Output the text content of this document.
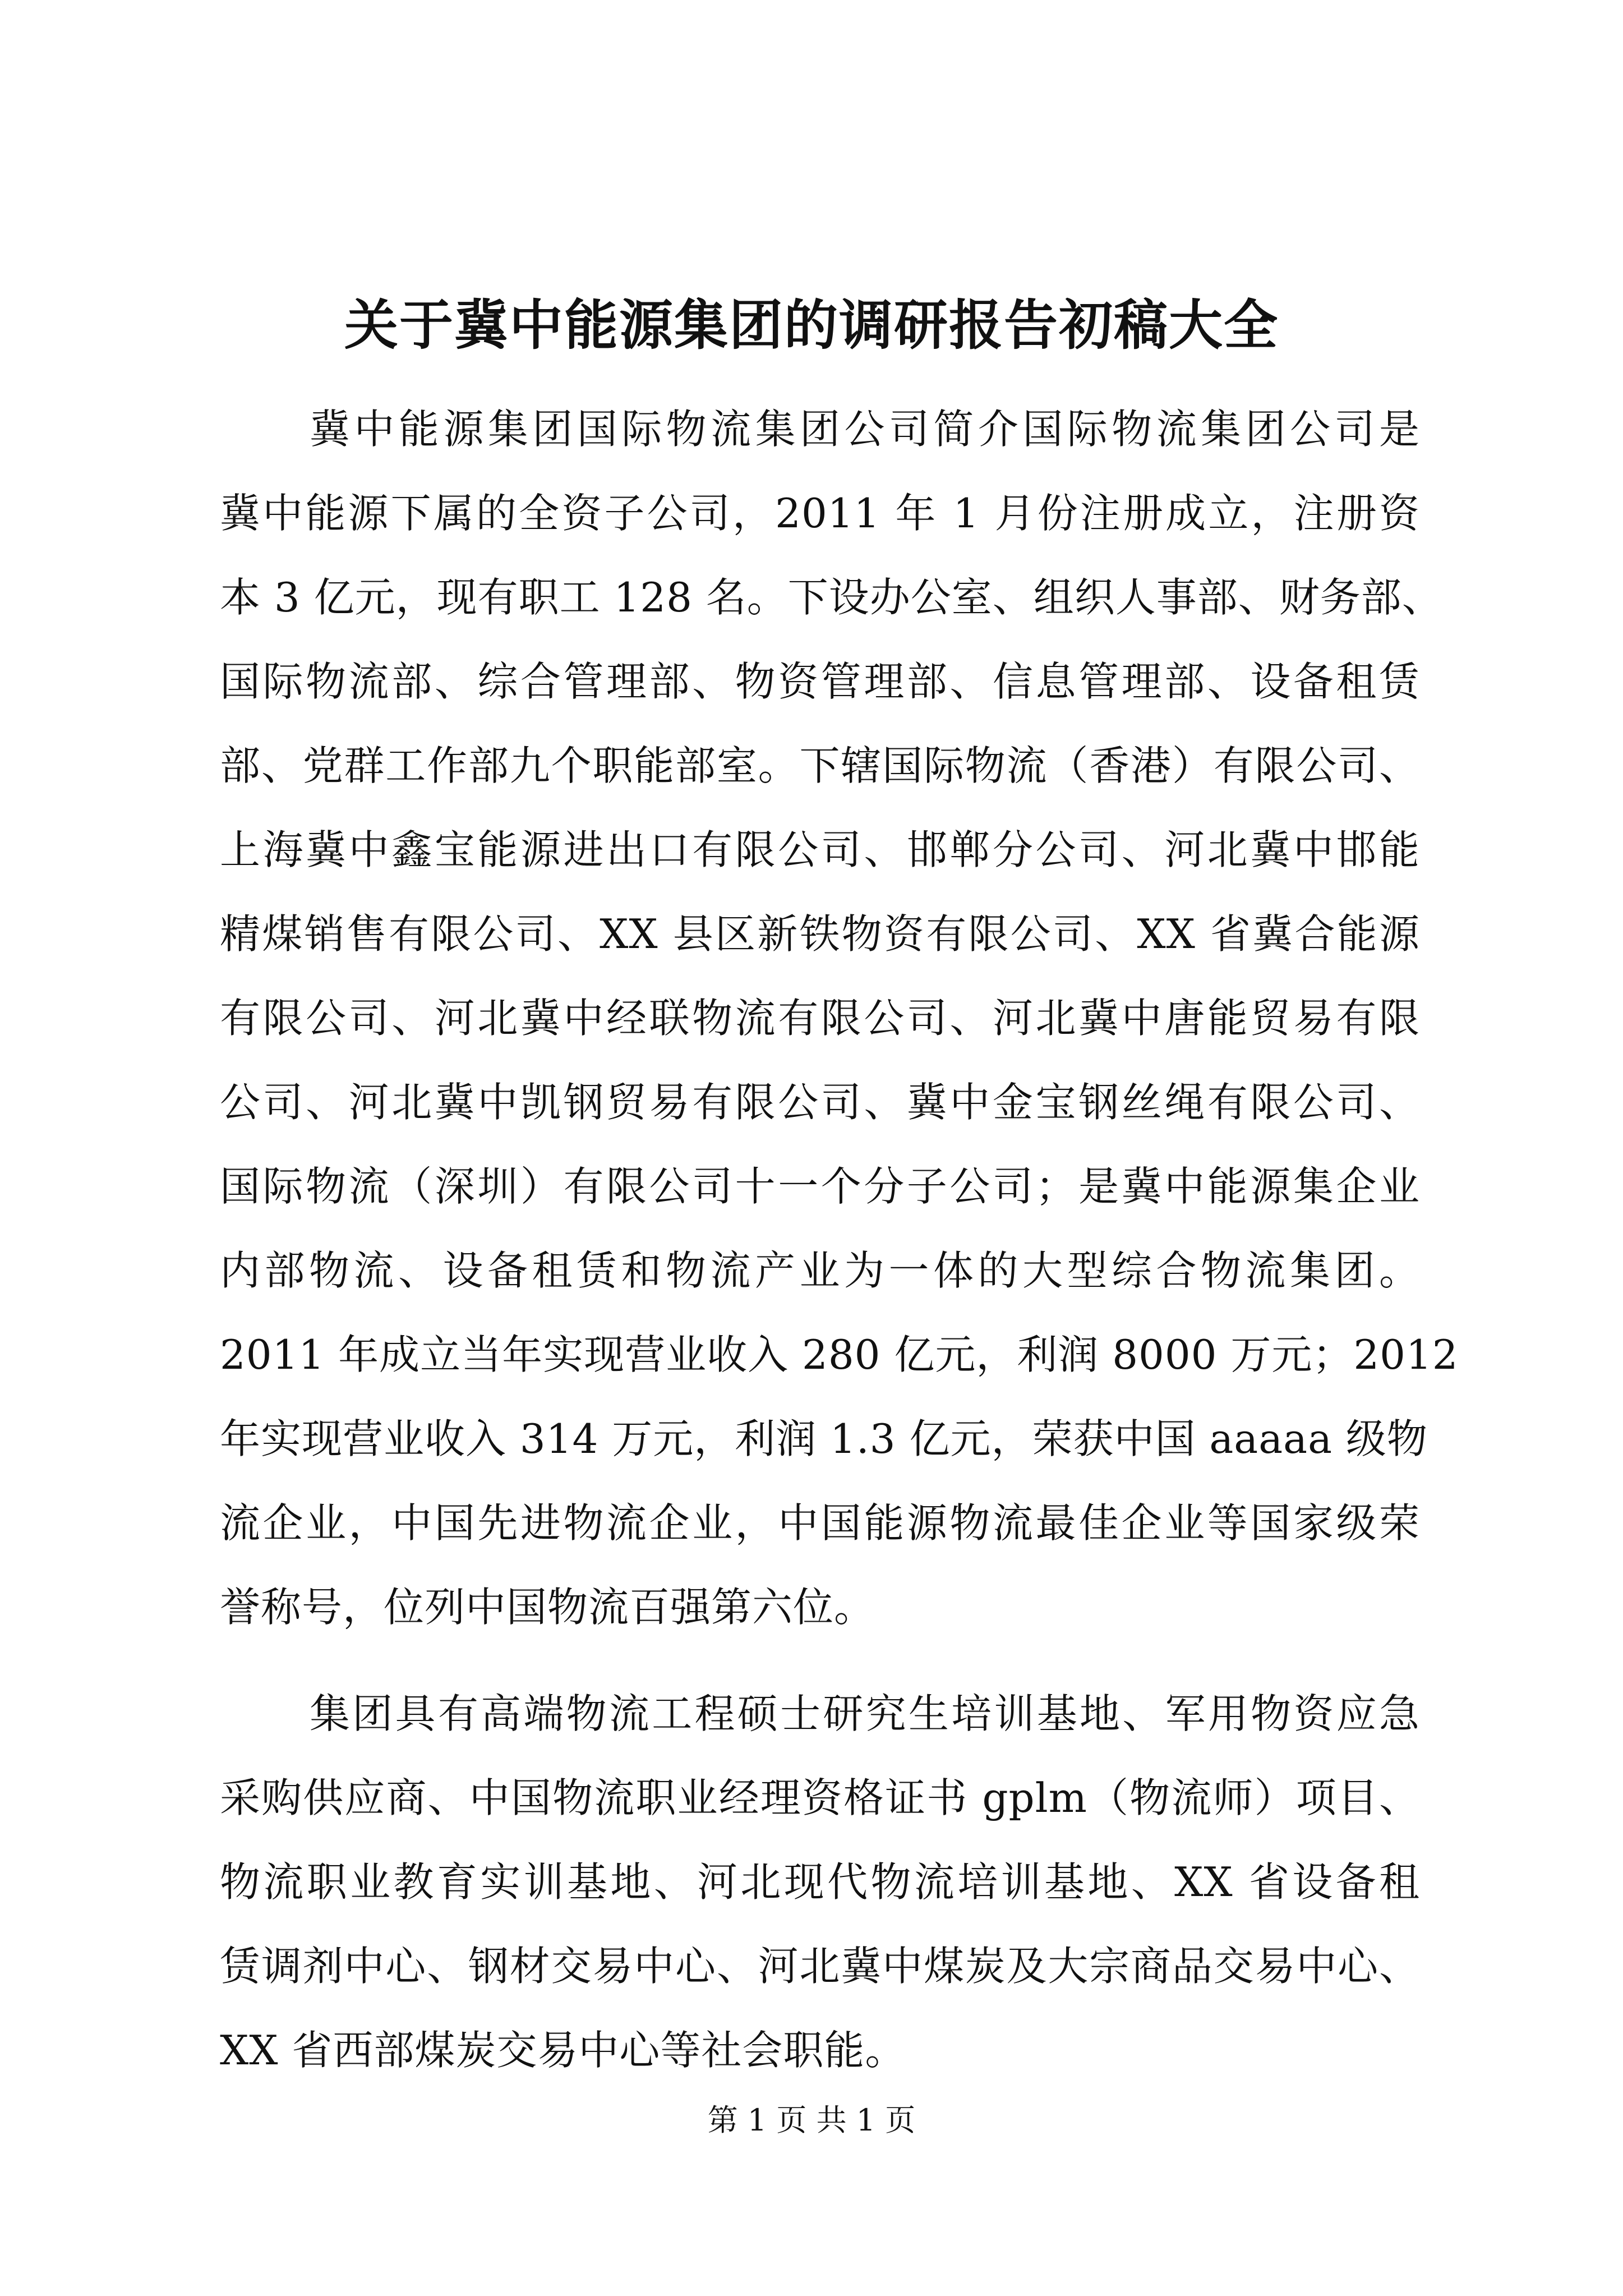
关于冀中能源集团的调研报告初稿大全
冀中能源集团国际物流集团公司简介国际物流集团公司是
冀中能源下属的全资子公司，2011 年 1 月份注册成立，注册资
本 3 亿元，现有职工 128 名。下设办公室、组织人事部、财务部、
国际物流部、综合管理部、物资管理部、信息管理部、设备租赁
部、党群工作部九个职能部室。下辖国际物流（香港）有限公司、
上海冀中鑫宝能源进出口有限公司、邯郸分公司、河北冀中邯能
精煤销售有限公司、XX 县区新铁物资有限公司、XX 省冀合能源
有限公司、河北冀中经联物流有限公司、河北冀中唐能贸易有限
公司、河北冀中凯钢贸易有限公司、冀中金宝钢丝绳有限公司、
国际物流（深圳）有限公司十一个分子公司；是冀中能源集企业
内部物流、设备租赁和物流产业为一体的大型综合物流集团。
2011 年成立当年实现营业收入 280 亿元，利润 8000 万元；2012
年实现营业收入 314 万元，利润 1.3 亿元，荣获中国 aaaaa 级物
流企业，中国先进物流企业，中国能源物流最佳企业等国家级荣
誉称号，位列中国物流百强第六位。
集团具有高端物流工程硕士研究生培训基地、军用物资应急
采购供应商、中国物流职业经理资格证书 gplm（物流师）项目、
物流职业教育实训基地、河北现代物流培训基地、XX 省设备租
赁调剂中心、钢材交易中心、河北冀中煤炭及大宗商品交易中心、
XX 省西部煤炭交易中心等社会职能。
第 1 页 共 1 页
